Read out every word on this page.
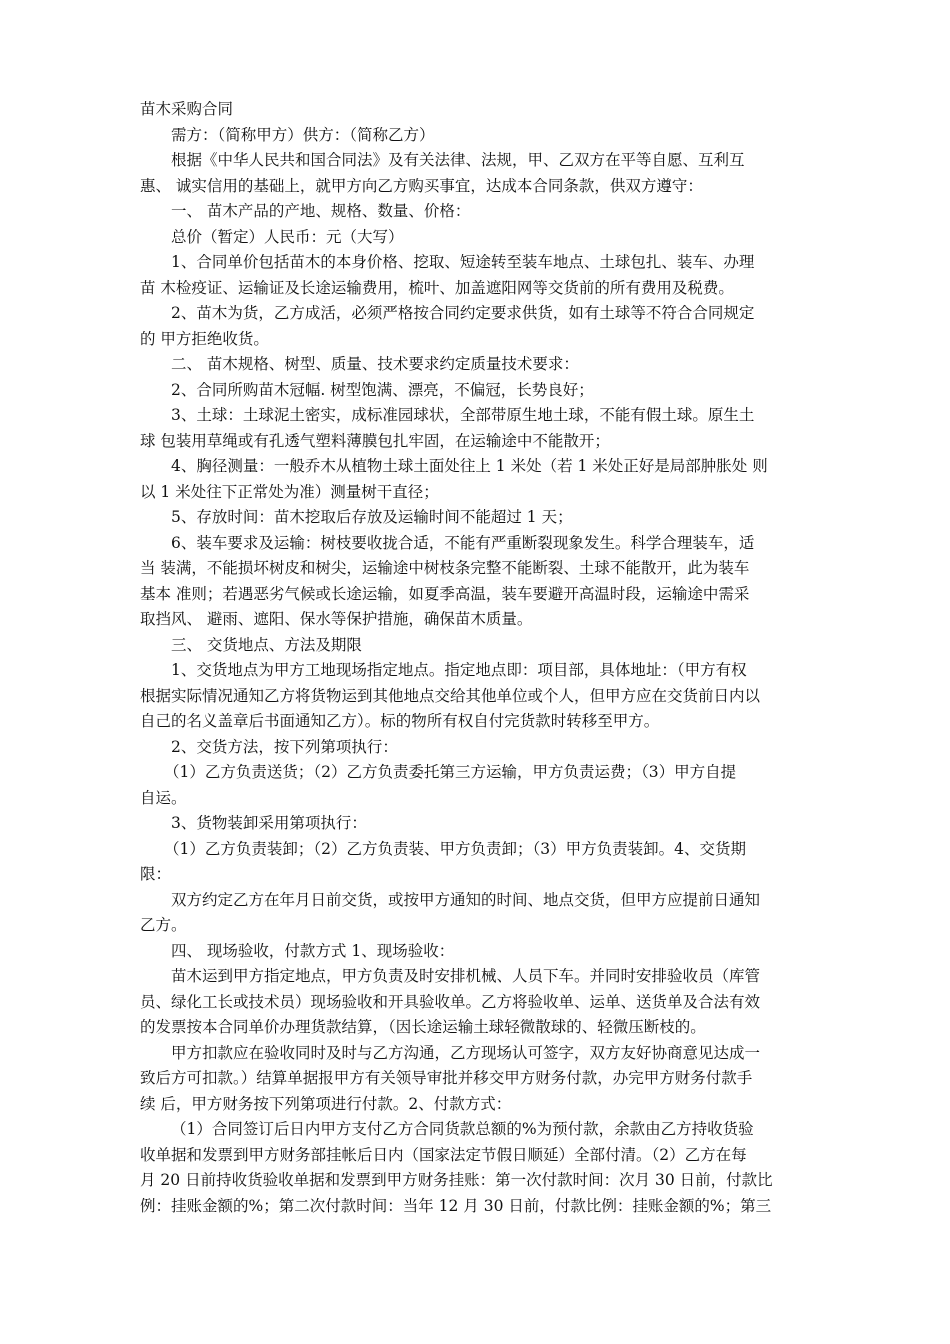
苗木采购合同
需方：（简称甲方）供方：（简称乙方）
根据《中华人民共和国合同法》及有关法律、法规，甲、乙双方在平等自愿、互利互
惠、 诚实信用的基础上，就甲方向乙方购买事宜，达成本合同条款，供双方遵守：
一、 苗木产品的产地、规格、数量、价格：
总价（暂定）人民币：元（大写）
1、合同单价包括苗木的本身价格、挖取、短途转至装车地点、土球包扎、装车、办理
苗 木检疫证、运输证及长途运输费用，梳叶、加盖遮阳网等交货前的所有费用及税费。
2、苗木为货，乙方成活，必须严格按合同约定要求供货，如有土球等不符合合同规定
的 甲方拒绝收货。
二、 苗木规格、树型、质量、技术要求约定质量技术要求：
2、合同所购苗木冠幅. 树型饱满、漂亮，不偏冠，长势良好；
3、土球：土球泥土密实，成标准园球状，全部带原生地土球，不能有假土球。原生土
球 包装用草绳或有孔透气塑料薄膜包扎牢固，在运输途中不能散开；
4、胸径测量：一般乔木从植物土球土面处往上 1 米处（若 1 米处正好是局部肿胀处 则
以 1 米处往下正常处为准）测量树干直径；
5、存放时间：苗木挖取后存放及运输时间不能超过 1 天；
6、装车要求及运输：树枝要收拢合适，不能有严重断裂现象发生。科学合理装车，适
当 装满，不能损坏树皮和树尖，运输途中树枝条完整不能断裂、土球不能散开，此为装车
基本 准则；若遇恶劣气候或长途运输，如夏季高温，装车要避开高温时段，运输途中需采
取挡风、 避雨、遮阳、保水等保护措施，确保苗木质量。
三、 交货地点、方法及期限
1、交货地点为甲方工地现场指定地点。指定地点即：项目部，具体地址：（甲方有权
根据实际情况通知乙方将货物运到其他地点交给其他单位或个人，但甲方应在交货前日内以
自己的名义盖章后书面通知乙方）。标的物所有权自付完货款时转移至甲方。
2、交货方法，按下列第项执行：
（1）乙方负责送货；（2）乙方负责委托第三方运输，甲方负责运费；（3）甲方自提
自运。
3、货物装卸采用第项执行：
（1）乙方负责装卸；（2）乙方负责装、甲方负责卸；（3）甲方负责装卸。4、交货期
限：
双方约定乙方在年月日前交货，或按甲方通知的时间、地点交货，但甲方应提前日通知
乙方。
四、 现场验收，付款方式 1、现场验收：
苗木运到甲方指定地点，甲方负责及时安排机械、人员下车。并同时安排验收员（库管
员、绿化工长或技术员）现场验收和开具验收单。乙方将验收单、运单、送货单及合法有效
的发票按本合同单价办理货款结算，（因长途运输土球轻微散球的、轻微压断枝的。
甲方扣款应在验收同时及时与乙方沟通，乙方现场认可签字，双方友好协商意见达成一
致后方可扣款。）结算单据报甲方有关领导审批并移交甲方财务付款，办完甲方财务付款手
续 后，甲方财务按下列第项进行付款。2、付款方式：
（1）合同签订后日内甲方支付乙方合同货款总额的%为预付款，余款由乙方持收货验
收单据和发票到甲方财务部挂帐后日内（国家法定节假日顺延）全部付清。（2）乙方在每
月 20 日前持收货验收单据和发票到甲方财务挂账：第一次付款时间：次月 30 日前，付款比
例：挂账金额的%；第二次付款时间：当年 12 月 30 日前，付款比例：挂账金额的%；第三
